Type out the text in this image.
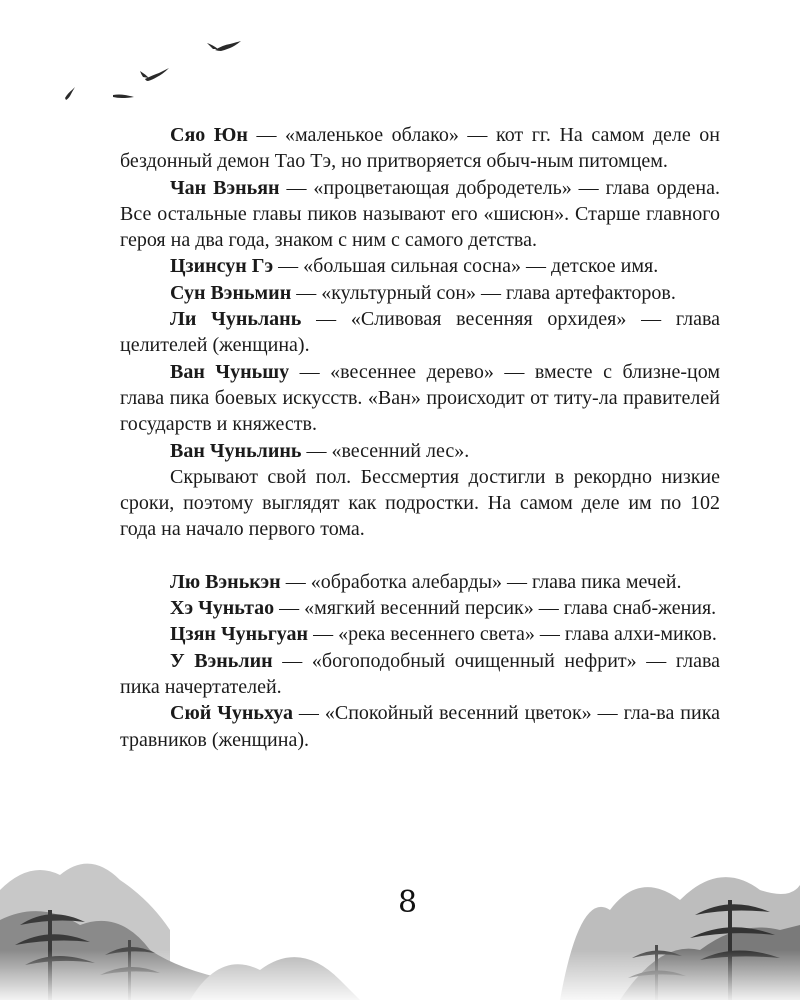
Сяо Юн — «маленькое облако» — кот гг. На самом деле он бездонный демон Тао Тэ, но притворяется обыч-ным питомцем.

Чан Вэньян — «процветающая добродетель» — глава ордена. Все остальные главы пиков называют его «шисюн». Старше главного героя на два года, знаком с ним с самого детства.

Цзинсун Гэ — «большая сильная сосна» — детское имя.

Сун Вэньмин — «культурный сон» — глава артефакторов.

Ли Чуньлань — «Сливовая весенняя орхидея» — глава целителей (женщина).

Ван Чуньшу — «весеннее дерево» — вместе с близне-цом глава пика боевых искусств. «Ван» происходит от титу-ла правителей государств и княжеств.

Ван Чуньлинь — «весенний лес».

Скрывают свой пол. Бессмертия достигли в рекордно низкие сроки, поэтому выглядят как подростки. На самом деле им по 102 года на начало первого тома.

Лю Вэнькэн — «обработка алебарды» — глава пика мечей.

Хэ Чуньтао — «мягкий весенний персик» — глава снаб-жения.

Цзян Чуньгуан — «река весеннего света» — глава алхи-миков.

У Вэньлин — «богоподобный очищенный нефрит» — глава пика начертателей.

Сюй Чуньхуа — «Спокойный весенний цветок» — гла-ва пика травников (женщина).

8
